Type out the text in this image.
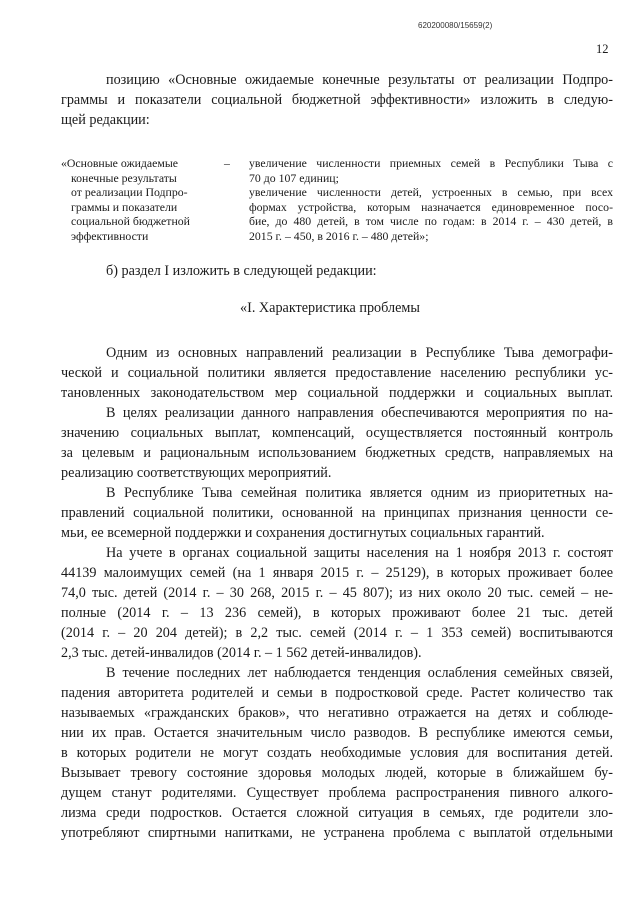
620200080/15659(2)
12
позицию «Основные ожидаемые конечные результаты от реализации Подпро-
граммы и показатели социальной бюджетной эффективности» изложить в следую-
щей редакции:
«Основные ожидаемые
конечные результаты
от реализации Подпро-
граммы и показатели
социальной бюджетной
эффективности
– увеличение численности приемных семей в Республики Тыва с
70 до 107 единиц;
увеличение численности детей, устроенных в семью, при всех
формах устройства, которым назначается единовременное посо-
бие, до 480 детей, в том числе по годам: в 2014 г. – 430 детей, в
2015 г. – 450, в 2016 г. – 480 детей»;
б) раздел I изложить в следующей редакции:
«I. Характеристика проблемы
Одним из основных направлений реализации в Республике Тыва демографи-
ческой и социальной политики является предоставление населению республики ус-
тановленных законодательством мер социальной поддержки и социальных выплат.
В целях реализации данного направления обеспечиваются мероприятия по на-
значению социальных выплат, компенсаций, осуществляется постоянный контроль
за целевым и рациональным использованием бюджетных средств, направляемых на
реализацию соответствующих мероприятий.
В Республике Тыва семейная политика является одним из приоритетных на-
правлений социальной политики, основанной на принципах признания ценности се-
мьи, ее всемерной поддержки и сохранения достигнутых социальных гарантий.
На учете в органах социальной защиты населения на 1 ноября 2013 г. состоят
44139 малоимущих семей (на 1 января 2015 г. – 25129), в которых проживает более
74,0 тыс. детей (2014 г. – 30 268, 2015 г. – 45 807); из них около 20 тыс. семей – не-
полные (2014 г. – 13 236 семей), в которых проживают более 21 тыс. детей
(2014 г. – 20 204 детей); в 2,2 тыс. семей (2014 г. – 1 353 семей) воспитываются
2,3 тыс. детей-инвалидов (2014 г. – 1 562 детей-инвалидов).
В течение последних лет наблюдается тенденция ослабления семейных связей,
падения авторитета родителей и семьи в подростковой среде. Растет количество так
называемых «гражданских браков», что негативно отражается на детях и соблюде-
нии их прав. Остается значительным число разводов. В республике имеются семьи,
в которых родители не могут создать необходимые условия для воспитания детей.
Вызывает тревогу состояние здоровья молодых людей, которые в ближайшем бу-
дущем станут родителями. Существует проблема распространения пивного алкого-
лизма среди подростков. Остается сложной ситуация в семьях, где родители зло-
употребляют спиртными напитками, не устранена проблема с выплатой отдельными
